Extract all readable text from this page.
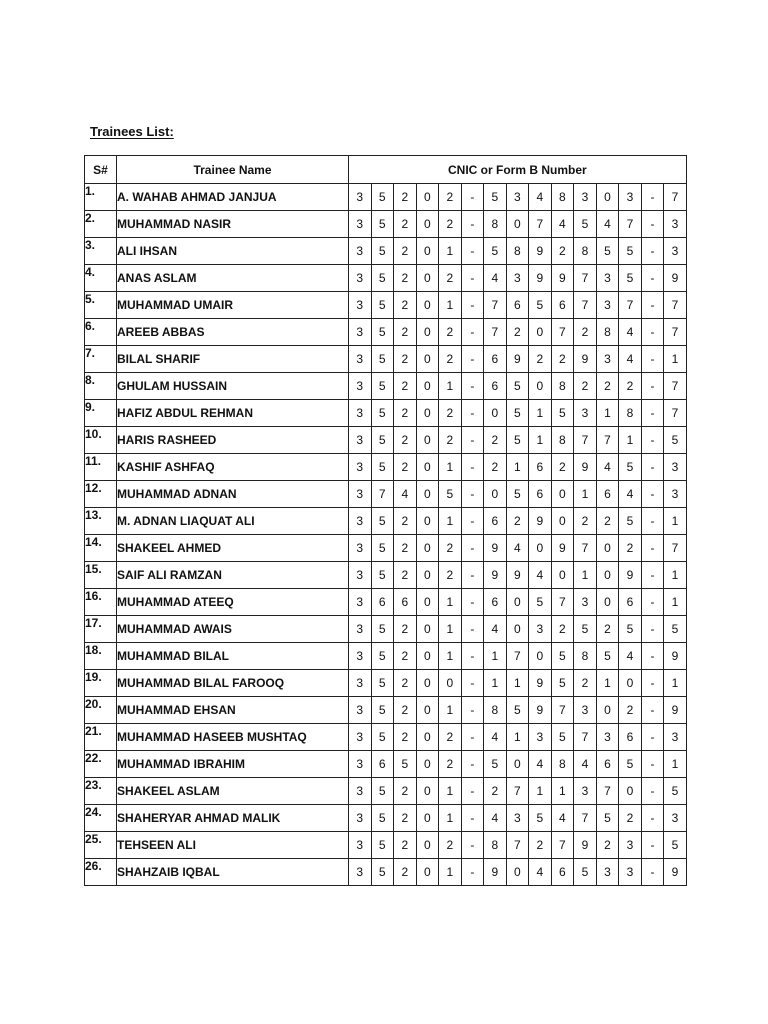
Trainees List:
S#	Trainee Name	CNIC or Form B Number														
1.	A. WAHAB AHMAD JANJUA	3	5	2	0	2	-	5	3	4	8	3	0	3	-	7
2.	MUHAMMAD NASIR	3	5	2	0	2	-	8	0	7	4	5	4	7	-	3
3.	ALI IHSAN	3	5	2	0	1	-	5	8	9	2	8	5	5	-	3
4.	ANAS ASLAM	3	5	2	0	2	-	4	3	9	9	7	3	5	-	9
5.	MUHAMMAD UMAIR	3	5	2	0	1	-	7	6	5	6	7	3	7	-	7
6.	AREEB ABBAS	3	5	2	0	2	-	7	2	0	7	2	8	4	-	7
7.	BILAL SHARIF	3	5	2	0	2	-	6	9	2	2	9	3	4	-	1
8.	GHULAM HUSSAIN	3	5	2	0	1	-	6	5	0	8	2	2	2	-	7
9.	HAFIZ ABDUL REHMAN	3	5	2	0	2	-	0	5	1	5	3	1	8	-	7
10.	HARIS RASHEED	3	5	2	0	2	-	2	5	1	8	7	7	1	-	5
11.	KASHIF ASHFAQ	3	5	2	0	1	-	2	1	6	2	9	4	5	-	3
12.	MUHAMMAD ADNAN	3	7	4	0	5	-	0	5	6	0	1	6	4	-	3
13.	M. ADNAN LIAQUAT ALI	3	5	2	0	1	-	6	2	9	0	2	2	5	-	1
14.	SHAKEEL AHMED	3	5	2	0	2	-	9	4	0	9	7	0	2	-	7
15.	SAIF ALI RAMZAN	3	5	2	0	2	-	9	9	4	0	1	0	9	-	1
16.	MUHAMMAD ATEEQ	3	6	6	0	1	-	6	0	5	7	3	0	6	-	1
17.	MUHAMMAD AWAIS	3	5	2	0	1	-	4	0	3	2	5	2	5	-	5
18.	MUHAMMAD BILAL	3	5	2	0	1	-	1	7	0	5	8	5	4	-	9
19.	MUHAMMAD BILAL FAROOQ	3	5	2	0	0	-	1	1	9	5	2	1	0	-	1
20.	MUHAMMAD EHSAN	3	5	2	0	1	-	8	5	9	7	3	0	2	-	9
21.	MUHAMMAD HASEEB MUSHTAQ	3	5	2	0	2	-	4	1	3	5	7	3	6	-	3
22.	MUHAMMAD IBRAHIM	3	6	5	0	2	-	5	0	4	8	4	6	5	-	1
23.	SHAKEEL ASLAM	3	5	2	0	1	-	2	7	1	1	3	7	0	-	5
24.	SHAHERYAR AHMAD MALIK	3	5	2	0	1	-	4	3	5	4	7	5	2	-	3
25.	TEHSEEN ALI	3	5	2	0	2	-	8	7	2	7	9	2	3	-	5
26.	SHAHZAIB IQBAL	3	5	2	0	1	-	9	0	4	6	5	3	3	-	9
